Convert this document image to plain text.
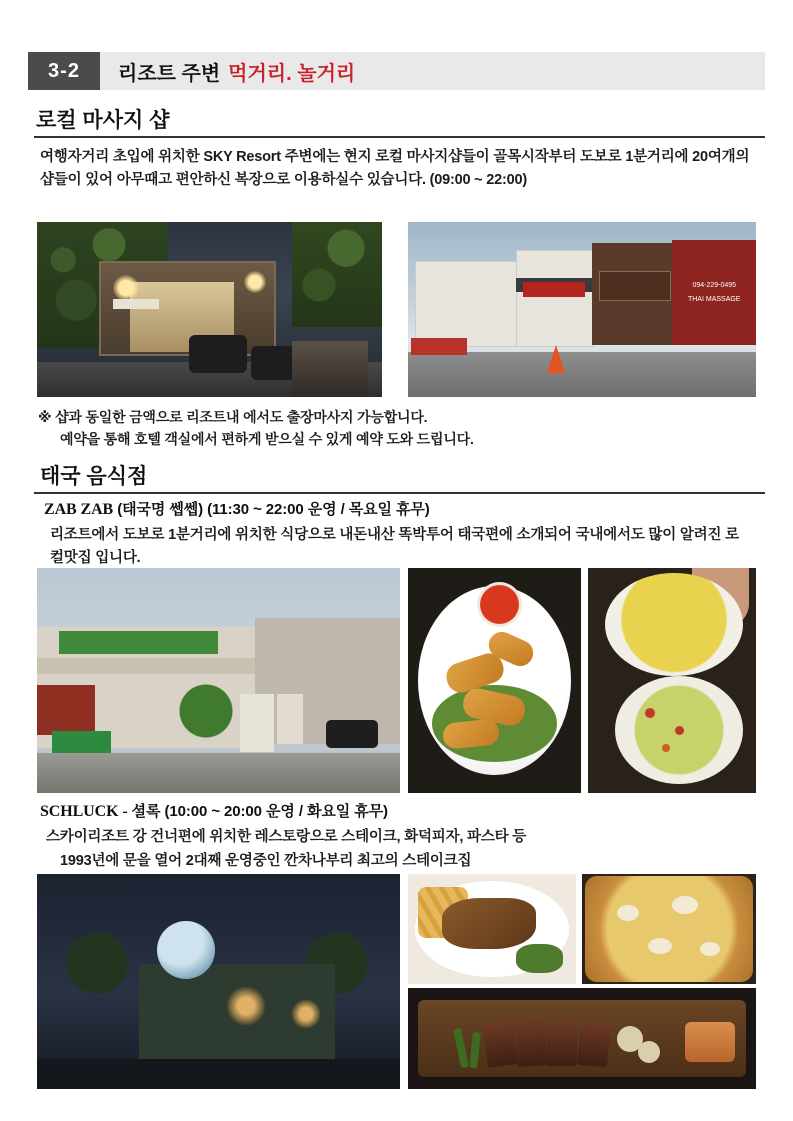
3-2	리조트 주변 먹거리. 놀거리
로컬 마사지 샵
여행자거리 초입에 위치한 SKY Resort 주변에는 현지 로컬 마사지샵들이 골목시작부터 도보로 1분거리에 20여개의 샵들이 있어 아무때고 편안하신 복장으로 이용하실수 있습니다. (09:00 ~ 22:00)
094-229-0495
THAI MASSAGE
※ 샵과 동일한 금액으로 리조트내 에서도 출장마사지 가능합니다.
예약을 통해 호텔 객실에서 편하게 받으실 수 있게 예약 도와 드립니다.
태국 음식점
ZAB ZAB (태국명 쎕쎕) (11:30 ~ 22:00 운영 / 목요일 휴무)
리조트에서 도보로 1분거리에 위치한 식당으로 내돈내산 똑박투어 태국편에 소개되어 국내에서도 많이 알려진 로컬맛집 입니다.
SCHLUCK - 셜록 (10:00 ~ 20:00 운영 / 화요일 휴무)
스카이리조트 강 건너편에 위치한 레스토랑으로 스테이크, 화덕피자, 파스타 등
1993년에 문을 열어 2대째 운영중인 깐차나부리 최고의 스테이크집
